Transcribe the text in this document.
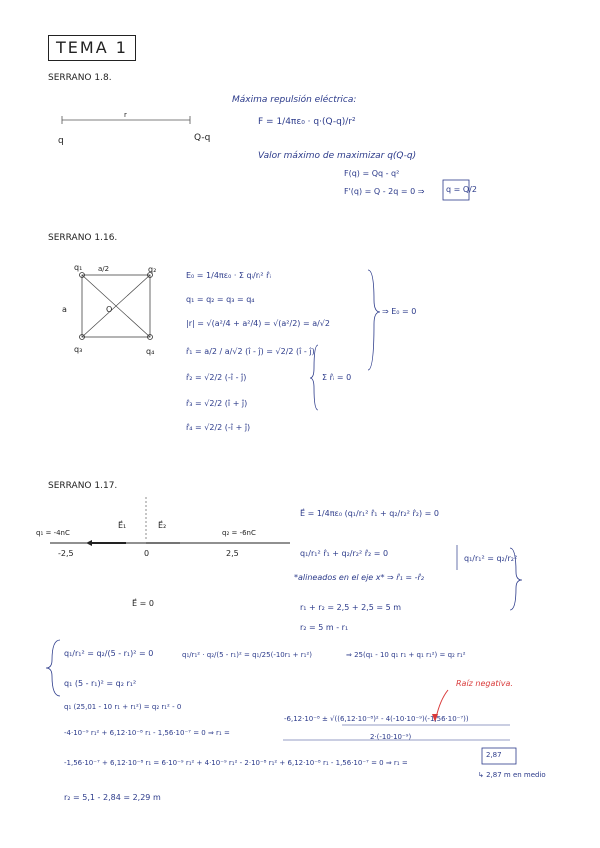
TEMA 1
SERRANO 1.8.
q	Q-q
r
Máxima repulsión eléctrica:
F = 1/4πε₀ · q·(Q-q)/r²
Valor máximo de maximizar q(Q-q)
F(q) = Qq - q²
F'(q) = Q - 2q = 0 ⇒	q = Q/2
SERRANO 1.16.
q₁	q₂
q₃	q₄
a
a/2
O
E₀ = 1/4πε₀ · Σ qᵢ/rᵢ² r̂ᵢ
q₁ = q₂ = q₃ = q₄
|r| = √(a²/4 + a²/4) = √(a²/2) = a/√2
r̂₁ = a/2 / a/√2 (î - ĵ) = √2/2 (î - ĵ)
r̂₂ = √2/2 (-î - ĵ)
r̂₃ = √2/2 (î + ĵ)
r̂₄ = √2/2 (-î + ĵ)
Σ r̂ᵢ = 0
⇒ E₀ = 0
SERRANO 1.17.
q₁ = -4nC	q₂ = -6nC
-2,5	0	2,5
E⃗₁	E⃗₂
E⃗ = 0
E⃗ = 1/4πε₀ (q₁/r₁² r̂₁ + q₂/r₂² r̂₂) = 0
q₁/r₁² r̂₁ + q₂/r₂² r̂₂ = 0
*alineados en el eje x* ⇒ r̂₁ = -r̂₂
q₁/r₁² = q₂/r₂²
r₁ + r₂ = 2,5 + 2,5 = 5 m
r₂ = 5 m - r₁
q₁/r₁² = q₂/(5 - r₁)² = 0
q₁ (5 - r₁)² = q₂ r₁²
q₁/r₁² · q₂/(5 - r₁)² = q₁/25(-10r₁ + r₁²)	⇒ 25(q₁ - 10 q₁ r₁ + q₁ r₁²) = q₂ r₁²
Raíz negativa.
q₁ (25,01 - 10 r₁ + r₁²) = q₂ r₁² - 0
-4·10⁻⁹ r₁² + 6,12·10⁻⁸ r₁ - 1,56·10⁻⁷ = 0 ⇒ r₁ =
-6,12·10⁻⁸ ± √((6,12·10⁻⁸)² - 4(-10·10⁻⁹)(-1,56·10⁻⁷))
2·(-10·10⁻⁹)
-1,56·10⁻⁷ + 6,12·10⁻⁸ r₁ = 6·10⁻⁹ r₁² + 4·10⁻⁹ r₁² - 2·10⁻⁸ r₁² + 6,12·10⁻⁸ r₁ - 1,56·10⁻⁷ = 0 ⇒ r₁ =
2,87
↳ 2,87 m en medio
r₂ = 5,1 - 2,84 = 2,29 m
